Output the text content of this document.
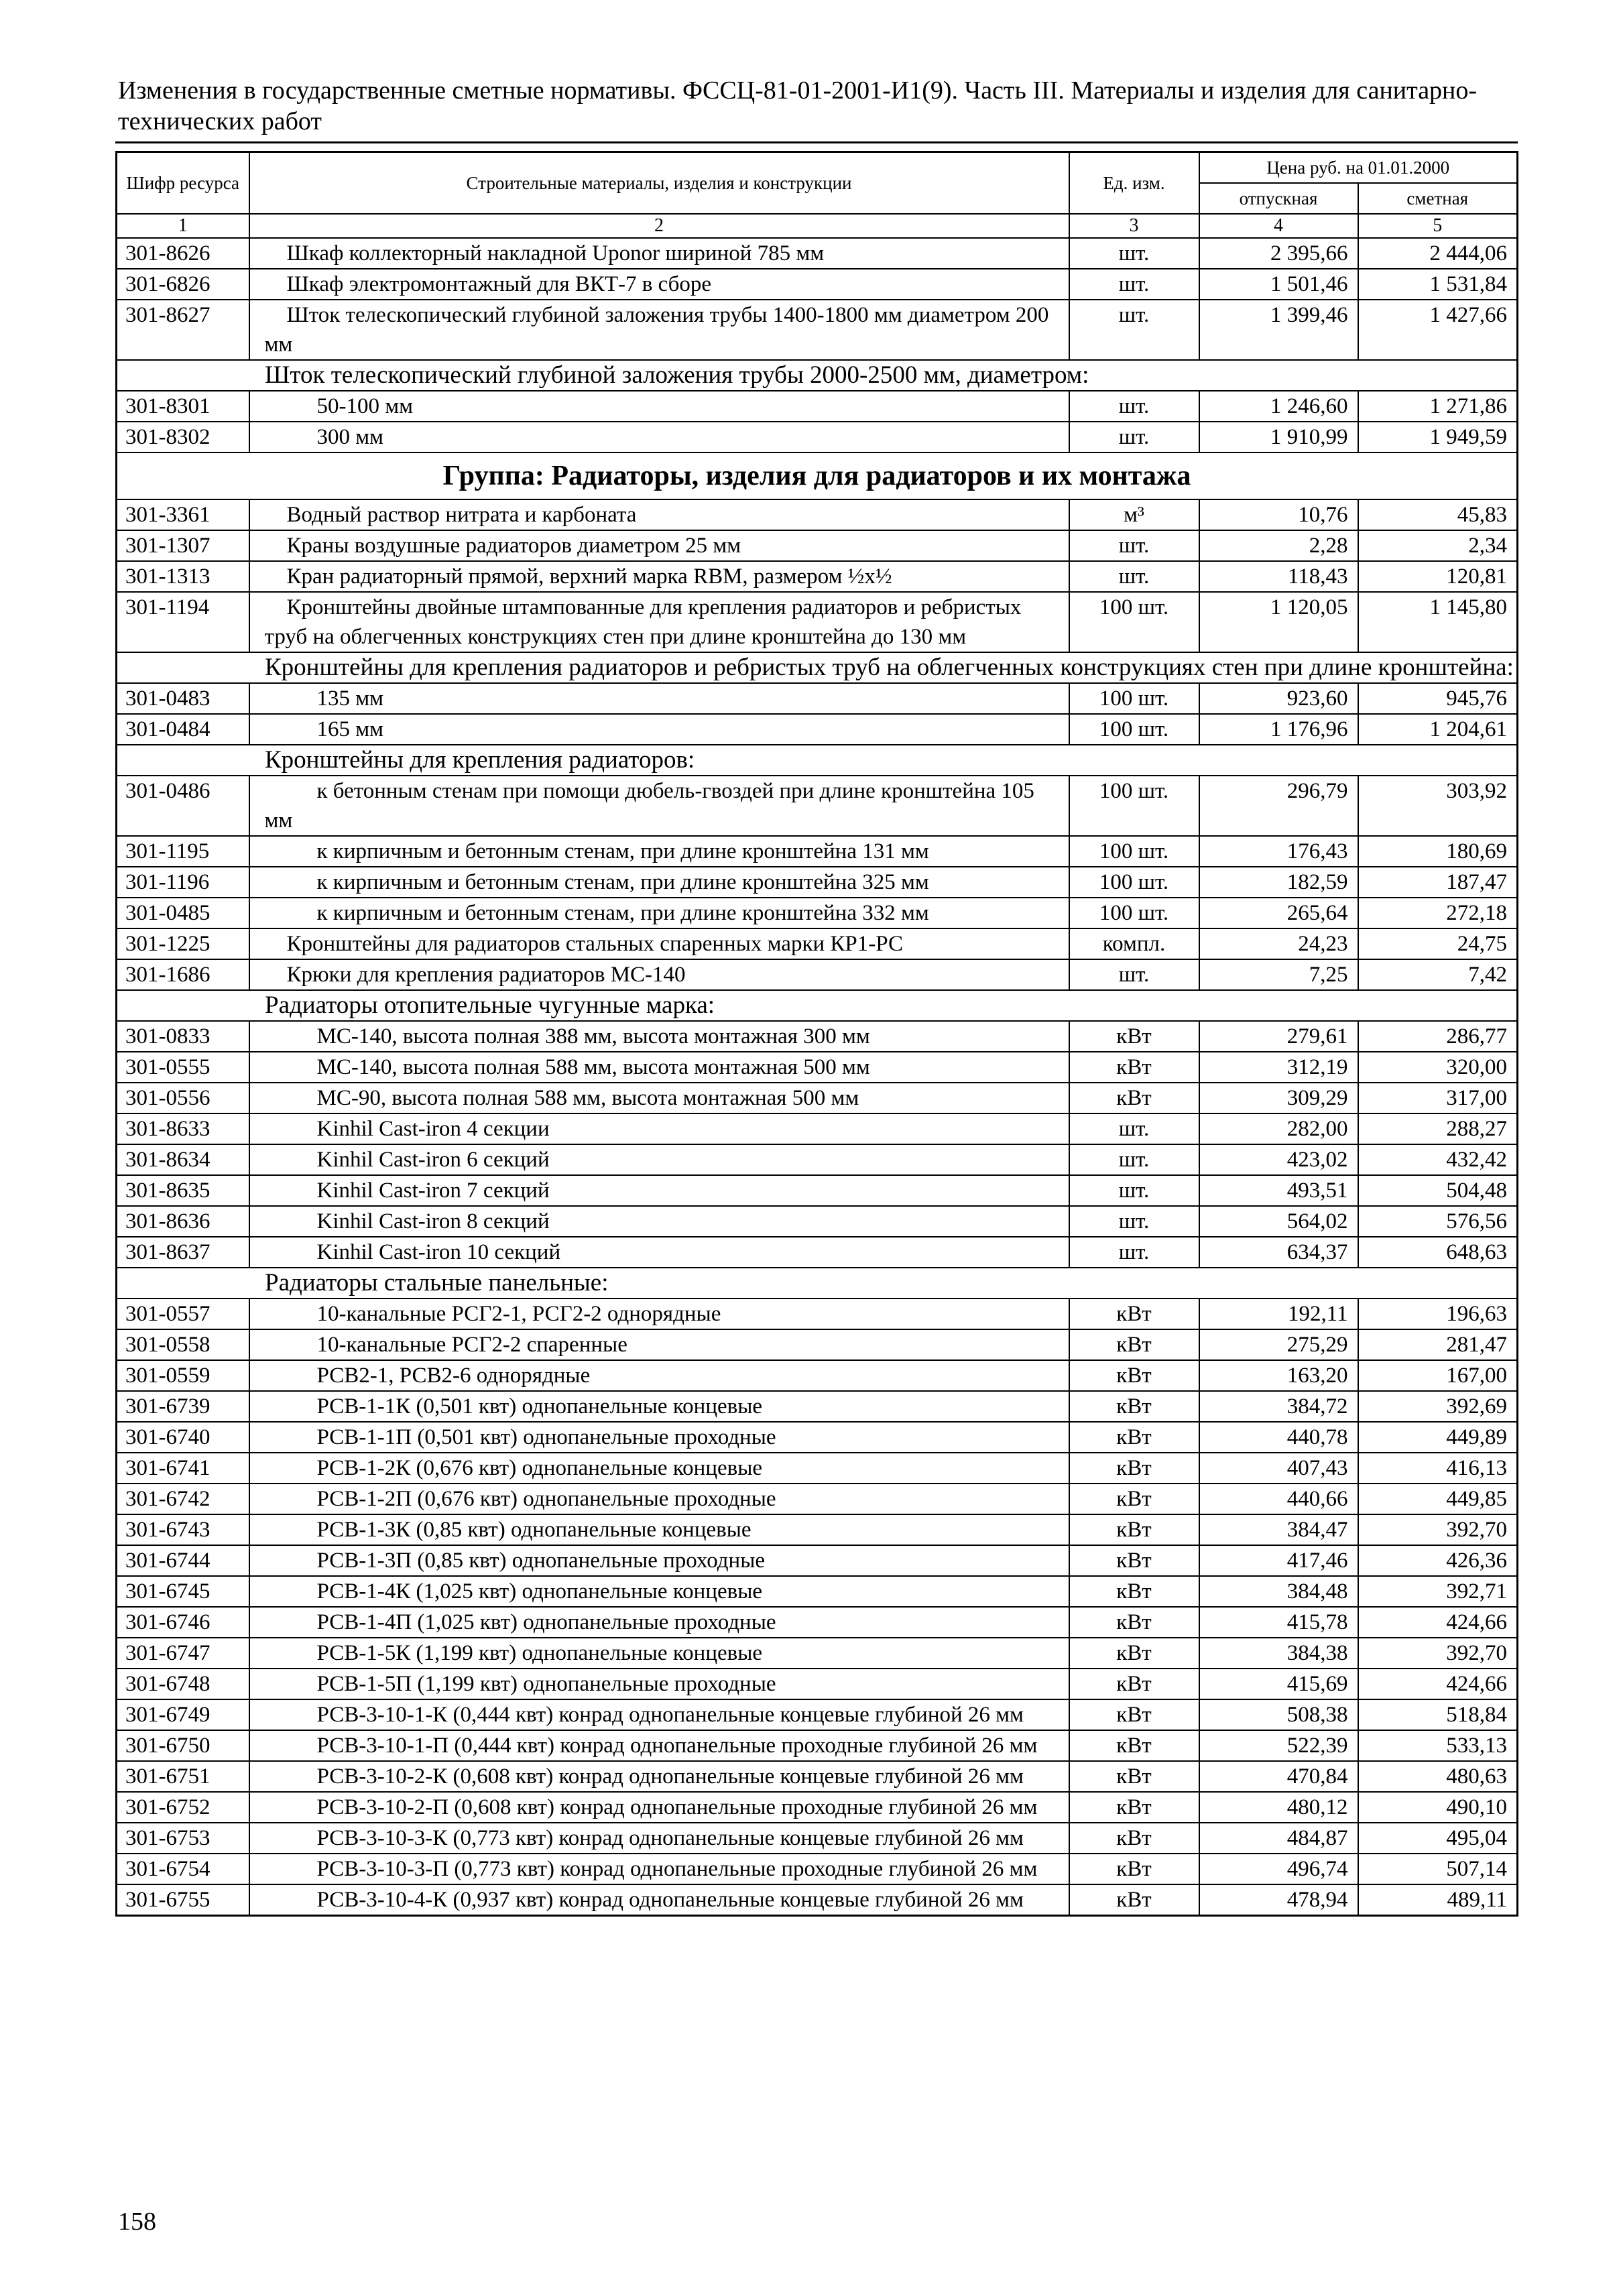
Изменения в государственные сметные нормативы. ФССЦ-81-01-2001-И1(9). Часть III. Материалы и изделия для санитарно-технических работ
Шифр ресурса	Строительные материалы, изделия и конструкции	Ед. изм.	Цена руб. на 01.01.2000	
			отпускная	сметная
1	2	3	4	5
301-8626	Шкаф коллекторный накладной Uponor шириной 785 мм	шт.	2 395,66	2 444,06
301-6826	Шкаф электромонтажный для ВКТ-7 в сборе	шт.	1 501,46	1 531,84
301-8627	Шток телескопический глубиной заложения трубы 1400-1800 мм диаметром 200 мм	шт.	1 399,46	1 427,66
Шток телескопический глубиной заложения трубы 2000-2500 мм, диаметром:				
301-8301	50-100 мм	шт.	1 246,60	1 271,86
301-8302	300 мм	шт.	1 910,99	1 949,59
Группа: Радиаторы, изделия для радиаторов и их монтажа				
301-3361	Водный раствор нитрата и карбоната	м³	10,76	45,83
301-1307	Краны воздушные радиаторов диаметром 25 мм	шт.	2,28	2,34
301-1313	Кран радиаторный прямой, верхний марка RBM, размером ½х½	шт.	118,43	120,81
301-1194	Кронштейны двойные штампованные для крепления радиаторов и ребристых труб на облегченных конструкциях стен при длине кронштейна до 130 мм	100 шт.	1 120,05	1 145,80
Кронштейны для крепления радиаторов и ребристых труб на облегченных конструкциях стен при длине кронштейна:				
301-0483	135 мм	100 шт.	923,60	945,76
301-0484	165 мм	100 шт.	1 176,96	1 204,61
Кронштейны для крепления радиаторов:				
301-0486	к бетонным стенам при помощи дюбель-гвоздей при длине кронштейна 105 мм	100 шт.	296,79	303,92
301-1195	к кирпичным и бетонным стенам, при длине кронштейна 131 мм	100 шт.	176,43	180,69
301-1196	к кирпичным и бетонным стенам, при длине кронштейна 325 мм	100 шт.	182,59	187,47
301-0485	к кирпичным и бетонным стенам, при длине кронштейна 332 мм	100 шт.	265,64	272,18
301-1225	Кронштейны для радиаторов стальных спаренных марки КР1-РС	компл.	24,23	24,75
301-1686	Крюки для крепления радиаторов МС-140	шт.	7,25	7,42
Радиаторы отопительные чугунные марка:				
301-0833	МС-140, высота полная 388 мм, высота монтажная 300 мм	кВт	279,61	286,77
301-0555	МС-140, высота полная 588 мм, высота монтажная 500 мм	кВт	312,19	320,00
301-0556	МС-90, высота полная 588 мм, высота монтажная 500 мм	кВт	309,29	317,00
301-8633	Kinhil Cast-iron 4 секции	шт.	282,00	288,27
301-8634	Kinhil Cast-iron 6 секций	шт.	423,02	432,42
301-8635	Kinhil Cast-iron 7 секций	шт.	493,51	504,48
301-8636	Kinhil Cast-iron 8 секций	шт.	564,02	576,56
301-8637	Kinhil Cast-iron 10 секций	шт.	634,37	648,63
Радиаторы стальные панельные:				
301-0557	10-канальные РСГ2-1, РСГ2-2 однорядные	кВт	192,11	196,63
301-0558	10-канальные РСГ2-2 спаренные	кВт	275,29	281,47
301-0559	РСВ2-1, РСВ2-6 однорядные	кВт	163,20	167,00
301-6739	РСВ-1-1К (0,501 квт) однопанельные концевые	кВт	384,72	392,69
301-6740	РСВ-1-1П (0,501 квт) однопанельные проходные	кВт	440,78	449,89
301-6741	РСВ-1-2К (0,676 квт) однопанельные концевые	кВт	407,43	416,13
301-6742	РСВ-1-2П (0,676 квт) однопанельные проходные	кВт	440,66	449,85
301-6743	РСВ-1-3К (0,85 квт) однопанельные концевые	кВт	384,47	392,70
301-6744	РСВ-1-3П (0,85 квт) однопанельные проходные	кВт	417,46	426,36
301-6745	РСВ-1-4К (1,025 квт) однопанельные концевые	кВт	384,48	392,71
301-6746	РСВ-1-4П (1,025 квт) однопанельные проходные	кВт	415,78	424,66
301-6747	РСВ-1-5К (1,199 квт) однопанельные концевые	кВт	384,38	392,70
301-6748	РСВ-1-5П (1,199 квт) однопанельные проходные	кВт	415,69	424,66
301-6749	РСВ-3-10-1-К (0,444 квт) конрад однопанельные концевые глубиной 26 мм	кВт	508,38	518,84
301-6750	РСВ-3-10-1-П (0,444 квт) конрад однопанельные проходные глубиной 26 мм	кВт	522,39	533,13
301-6751	РСВ-3-10-2-К (0,608 квт) конрад однопанельные концевые глубиной 26 мм	кВт	470,84	480,63
301-6752	РСВ-3-10-2-П (0,608 квт) конрад однопанельные проходные глубиной 26 мм	кВт	480,12	490,10
301-6753	РСВ-3-10-3-К (0,773 квт) конрад однопанельные концевые глубиной 26 мм	кВт	484,87	495,04
301-6754	РСВ-3-10-3-П (0,773 квт) конрад однопанельные проходные глубиной 26 мм	кВт	496,74	507,14
301-6755	РСВ-3-10-4-К (0,937 квт) конрад однопанельные концевые глубиной 26 мм	кВт	478,94	489,11
158
